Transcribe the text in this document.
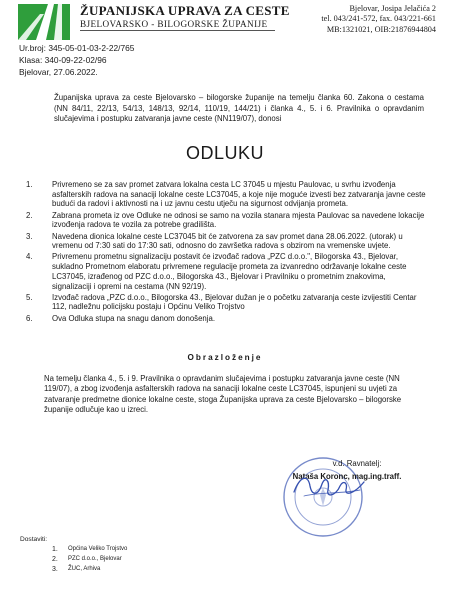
ŽUPANIJSKA UPRAVA ZA CESTE
BJELOVARSKO - BILOGORSKE ŽUPANIJE
Bjelovar, Josipa Jelačića 2
tel. 043/241-572, fax. 043/221-661
MB:1321021, OIB:21876944804
Ur.broj: 345-05-01-03-2-22/765
Klasa: 340-09-22-02/96
Bjelovar, 27.06.2022.
Županijska uprava za ceste Bjelovarsko – bilogorske županije na temelju članka 60. Zakona o cestama (NN 84/11, 22/13, 54/13, 148/13, 92/14, 110/19, 144/21) i članka 4., 5. i 6. Pravilnika o opravdanim slučajevima i postupku zatvaranja javne ceste (NN119/07), donosi
ODLUKU
1.	Privremeno se za sav promet zatvara lokalna cesta LC 37045 u mjestu Paulovac, u svrhu izvođenja asfalterskih radova na sanaciji lokalne ceste LC37045, a koje nije moguće izvesti bez zatvaranja javne ceste budući da radovi i aktivnosti na i uz javnu cestu utječu na sigurnost odvijanja prometa.
2.	Zabrana prometa iz ove Odluke ne odnosi se samo na vozila stanara mjesta Paulovac sa navedene lokacije izvođenja radova te vozila za potrebe gradilišta.
3.	Navedena dionica lokalne ceste LC37045 bit će zatvorena za sav promet dana 28.06.2022. (utorak) u vremenu od 7:30 sati do 17:30 sati, odnosno do završetka radova s obzirom na vremenske uvjete.
4.	Privremenu prometnu signalizaciju postavit će izvođač radova „PZC d.o.o.", Bilogorska 43., Bjelovar, sukladno Prometnom elaboratu privremene regulacije prometa za izvanredno održavanje lokalne ceste LC37045, izrađenog od PZC d.o.o., Bilogorska 43., Bjelovar i Pravilniku o prometnim znakovima, signalizaciji i opremi na cestama (NN 92/19).
5.	Izvođač radova „PZC d.o.o., Bilogorska 43., Bjelovar dužan je o početku zatvaranja ceste izvijestiti Centar 112, nadležnu policijsku postaju i Općinu Veliko Trojstvo
6.	Ova Odluka stupa na snagu danom donošenja.
Obrazloženje
Na temelju članka 4., 5. i 9. Pravilnika o opravdanim slučajevima i postupku zatvaranja javne ceste (NN 119/07), a zbog izvođenja asfalterskih radova na sanaciji lokalne ceste LC37045, ispunjeni su uvjeti za zatvaranje predmetne dionice lokalne ceste, stoga Županijska uprava za ceste Bjelovarsko – bilogorske županije odlučuje kao u izreci.
v.d. Ravnatelj:
Nataša Koronc, mag.ing.traff.
Dostaviti:
1.	Općina Veliko Trojstvo
2.	PZC d.o.o., Bjelovar
3.	ŽUC, Arhiva
